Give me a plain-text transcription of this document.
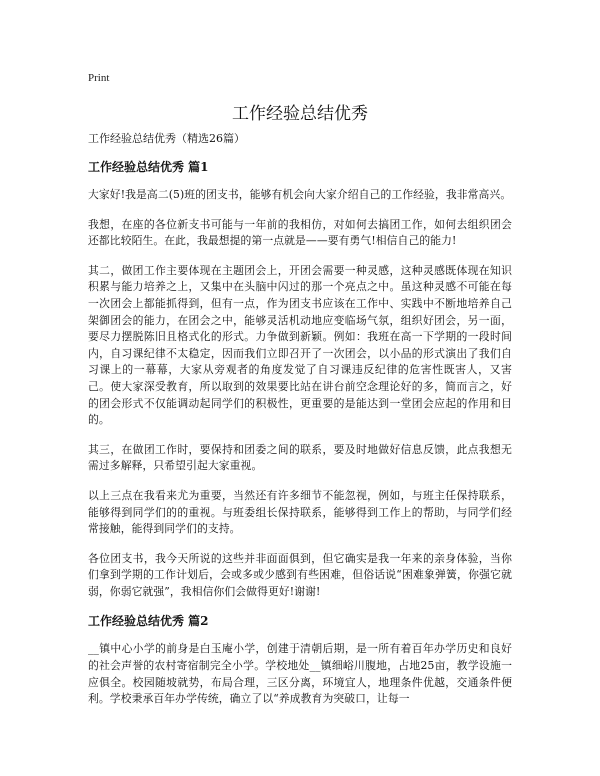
Print
工作经验总结优秀

工作经验总结优秀（精选26篇）

工作经验总结优秀 篇1

大家好!我是高二(5)班的团支书，能够有机会向大家介绍自己的工作经验，我非常高兴。

我想，在座的各位新支书可能与一年前的我相仿，对如何去搞团工作，如何去组织团会还都比较陌生。在此，我最想提的第一点就是——要有勇气!相信自己的能力!

其二，做团工作主要体现在主题团会上，开团会需要一种灵感，这种灵感既体现在知识积累与能力培养之上，又集中在头脑中闪过的那一个亮点之中。虽这种灵感不可能在每一次团会上都能抓得到，但有一点，作为团支书应该在工作中、实践中不断地培养自己架御团会的能力，在团会之中，能够灵活机动地应变临场气氛，组织好团会，另一面，要尽力摆脱陈旧且格式化的形式。力争做到新颖。例如：我班在高一下学期的一段时间内，自习课纪律不太稳定，因而我们立即召开了一次团会，以小品的形式演出了我们自习课上的一幕幕，大家从旁观者的角度发觉了自习课违反纪律的危害性既害人，又害己。使大家深受教育，所以取到的效果要比站在讲台前空念理论好的多，简而言之，好的团会形式不仅能调动起同学们的积极性，更重要的是能达到一堂团会应起的作用和目的。

其三，在做团工作时，要保持和团委之间的联系，要及时地做好信息反馈，此点我想无需过多解释，只希望引起大家重视。

以上三点在我看来尤为重要，当然还有许多细节不能忽视，例如，与班主任保持联系，能够得到同学们的的重视。与班委组长保持联系，能够得到工作上的帮助，与同学们经常接触，能得到同学们的支持。

各位团支书，我今天所说的这些并非面面俱到，但它确实是我一年来的亲身体验，当你们拿到学期的工作计划后，会或多或少感到有些困难，但俗话说“困难象弹簧，你强它就弱，你弱它就强”，我相信你们会做得更好!谢谢!

工作经验总结优秀 篇2

__镇中心小学的前身是白玉庵小学，创建于清朝后期，是一所有着百年办学历史和良好的社会声誉的农村寄宿制完全小学。学校地处__镇细峪川腹地，占地25亩，教学设施一应俱全。校园随坡就势，布局合理，三区分离，环境宜人，地理条件优越，交通条件便利。学校秉承百年办学传统，确立了以“养成教育为突破口，让每一
